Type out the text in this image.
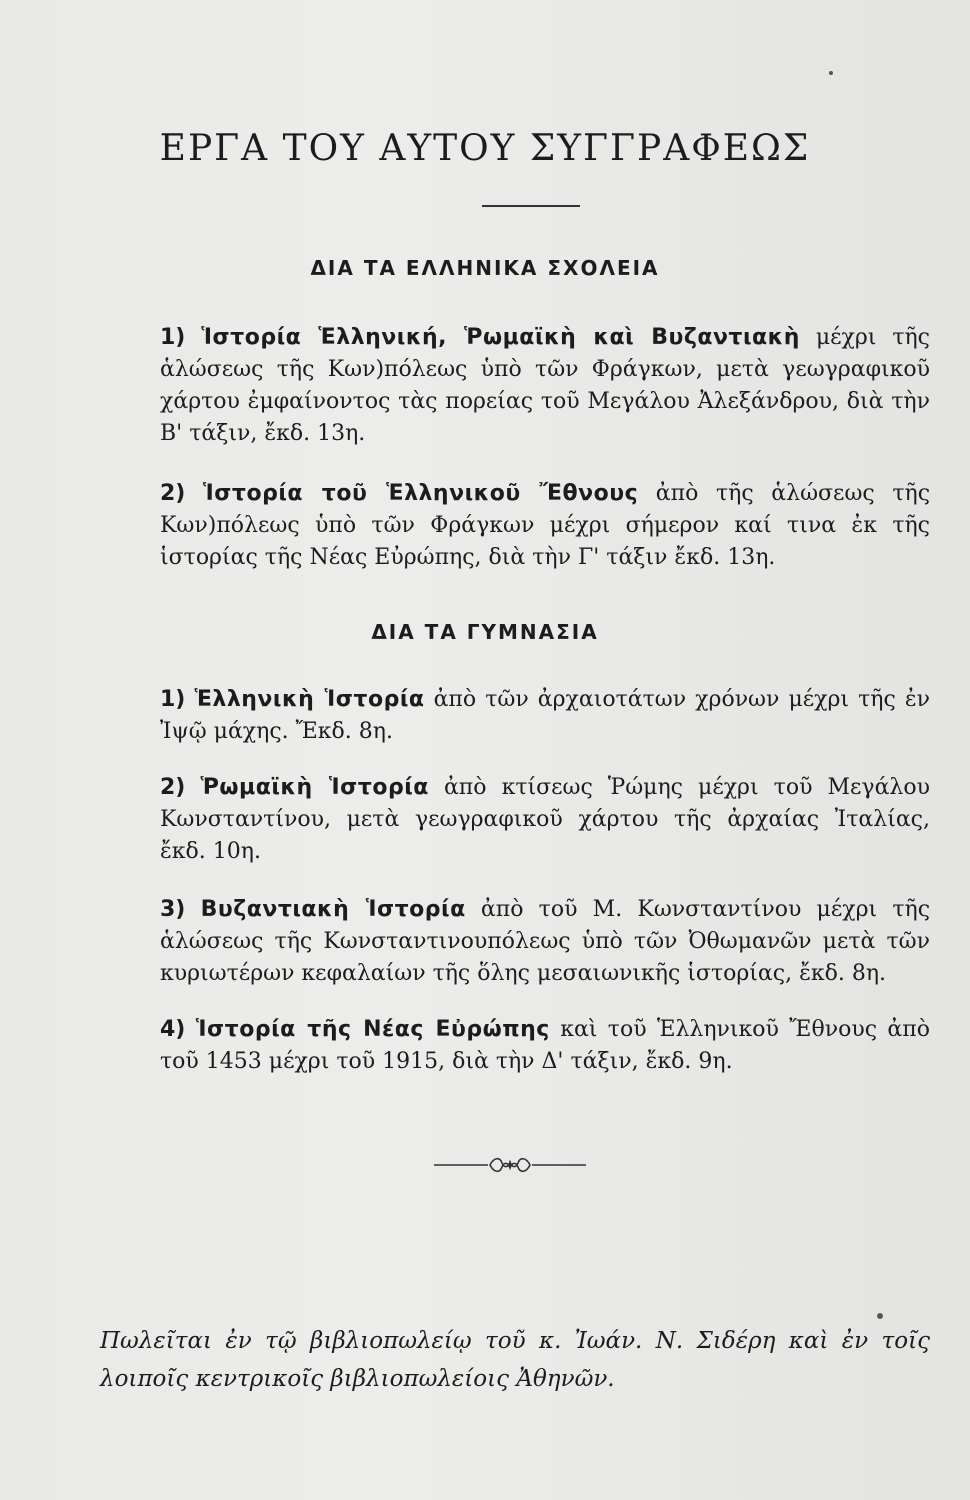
ΕΡΓΑ ΤΟΥ ΑΥΤΟΥ ΣΥΓΓΡΑΦΕΩΣ
ΔΙΑ ΤΑ ΕΛΛΗΝΙΚΑ ΣΧΟΛΕΙΑ
1) Ἱστορία Ἑλληνική, Ῥωμαϊκὴ καὶ Βυζαντιακὴ μέχρι τῆς ἁλώσεως τῆς Κων)πόλεως ὑπὸ τῶν Φράγκων, μετὰ γεωγραφικοῦ χάρτου ἐμφαίνοντος τὰς πορείας τοῦ Μεγάλου Ἀλεξάνδρου, διὰ τὴν Β' τάξιν, ἔκδ. 13η.
2) Ἱστορία τοῦ Ἑλληνικοῦ Ἔθνους ἀπὸ τῆς ἁλώσεως τῆς Κων)πόλεως ὑπὸ τῶν Φράγκων μέχρι σήμερον καί τινα ἐκ τῆς ἱστορίας τῆς Νέας Εὐρώπης, διὰ τὴν Γ' τάξιν ἔκδ. 13η.
ΔΙΑ ΤΑ ΓΥΜΝΑΣΙΑ
1) Ἑλληνικὴ Ἱστορία ἀπὸ τῶν ἀρχαιοτάτων χρόνων μέχρι τῆς ἐν Ἰψῷ μάχης. Ἔκδ. 8η.
2) Ῥωμαϊκὴ Ἱστορία ἀπὸ κτίσεως Ῥώμης μέχρι τοῦ Μεγάλου Κωνσταντίνου, μετὰ γεωγραφικοῦ χάρτου τῆς ἀρχαίας Ἰταλίας, ἔκδ. 10η.
3) Βυζαντιακὴ Ἱστορία ἀπὸ τοῦ Μ. Κωνσταντίνου μέχρι τῆς ἁλώσεως τῆς Κωνσταντινουπόλεως ὑπὸ τῶν Ὀθωμανῶν μετὰ τῶν κυριωτέρων κεφαλαίων τῆς ὅλης μεσαιωνικῆς ἱστορίας, ἔκδ. 8η.
4) Ἱστορία τῆς Νέας Εὐρώπης καὶ τοῦ Ἑλληνικοῦ Ἔθνους ἀπὸ τοῦ 1453 μέχρι τοῦ 1915, διὰ τὴν Δ' τάξιν, ἔκδ. 9η.
Πωλεῖται ἐν τῷ βιβλιοπωλείῳ τοῦ κ. Ἰωάν. Ν. Σιδέρη καὶ ἐν τοῖς λοιποῖς κεντρικοῖς βιβλιοπωλείοις Ἀθηνῶν.
